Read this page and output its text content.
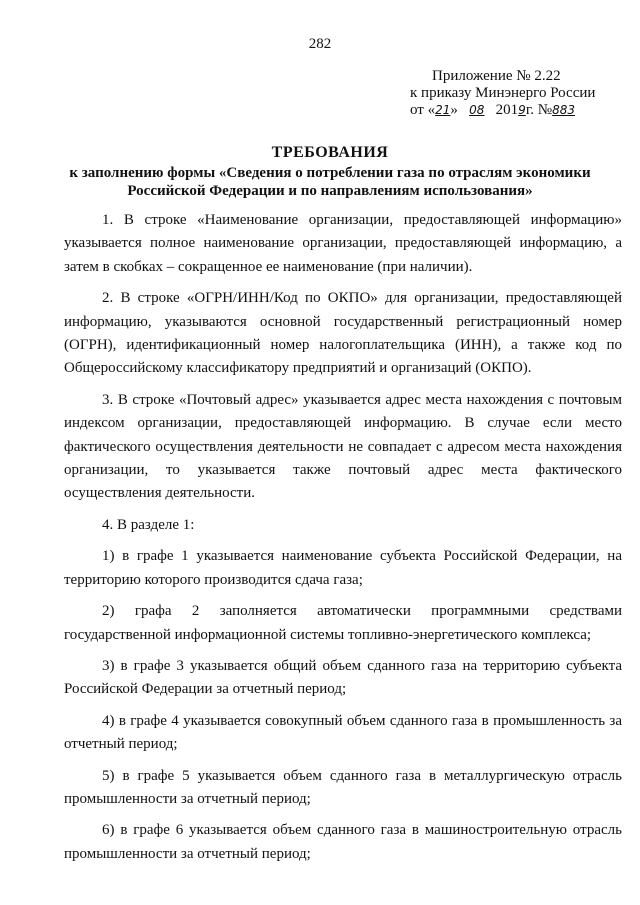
282
Приложение № 2.22
к приказу Минэнерго России
от «21» 08 2019г. №883
ТРЕБОВАНИЯ
к заполнению формы «Сведения о потреблении газа по отраслям экономики
Российской Федерации и по направлениям использования»

1. В строке «Наименование организации, предоставляющей информацию» указывается полное наименование организации, предоставляющей информацию, а затем в скобках – сокращенное ее наименование (при наличии).

2. В строке «ОГРН/ИНН/Код по ОКПО» для организации, предоставляющей информацию, указываются основной государственный регистрационный номер (ОГРН), идентификационный номер налогоплательщика (ИНН), а также код по Общероссийскому классификатору предприятий и организаций (ОКПО).

3. В строке «Почтовый адрес» указывается адрес места нахождения с почтовым индексом организации, предоставляющей информацию. В случае если место фактического осуществления деятельности не совпадает с адресом места нахождения организации, то указывается также почтовый адрес места фактического осуществления деятельности.

4. В разделе 1:

1) в графе 1 указывается наименование субъекта Российской Федерации, на территорию которого производится сдача газа;

2) графа 2 заполняется автоматически программными средствами государственной информационной системы топливно-энергетического комплекса;

3) в графе 3 указывается общий объем сданного газа на территорию субъекта Российской Федерации за отчетный период;

4) в графе 4 указывается совокупный объем сданного газа в промышленность за отчетный период;

5) в графе 5 указывается объем сданного газа в металлургическую отрасль промышленности за отчетный период;

6) в графе 6 указывается объем сданного газа в машиностроительную отрасль промышленности за отчетный период;
